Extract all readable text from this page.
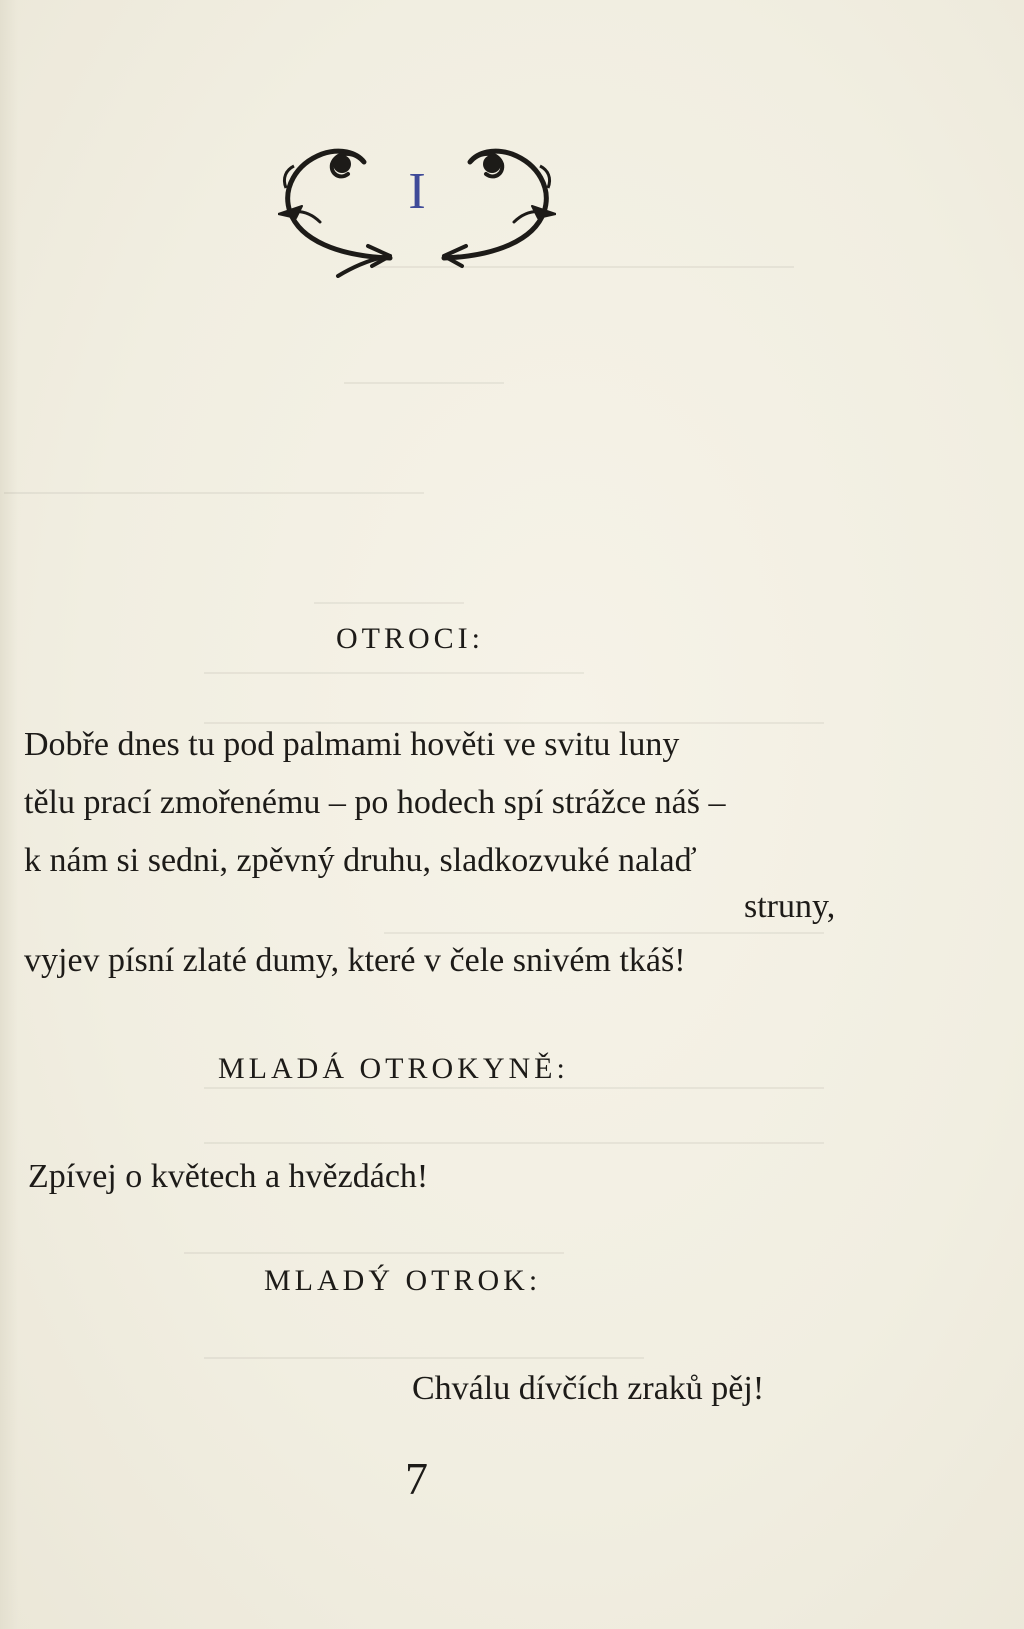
I
OTROCI:
Dobře dnes tu pod palmami hověti ve svitu luny
tělu prací zmořenému – po hodech spí strážce náš –
k nám si sedni, zpěvný druhu, sladkozvuké nalaď
struny,
vyjev písní zlaté dumy, které v čele snivém tkáš!
MLADÁ OTROKYNĚ:
Zpívej o květech a hvězdách!
MLADÝ OTROK:
Chválu dívčích zraků pěj!
7
